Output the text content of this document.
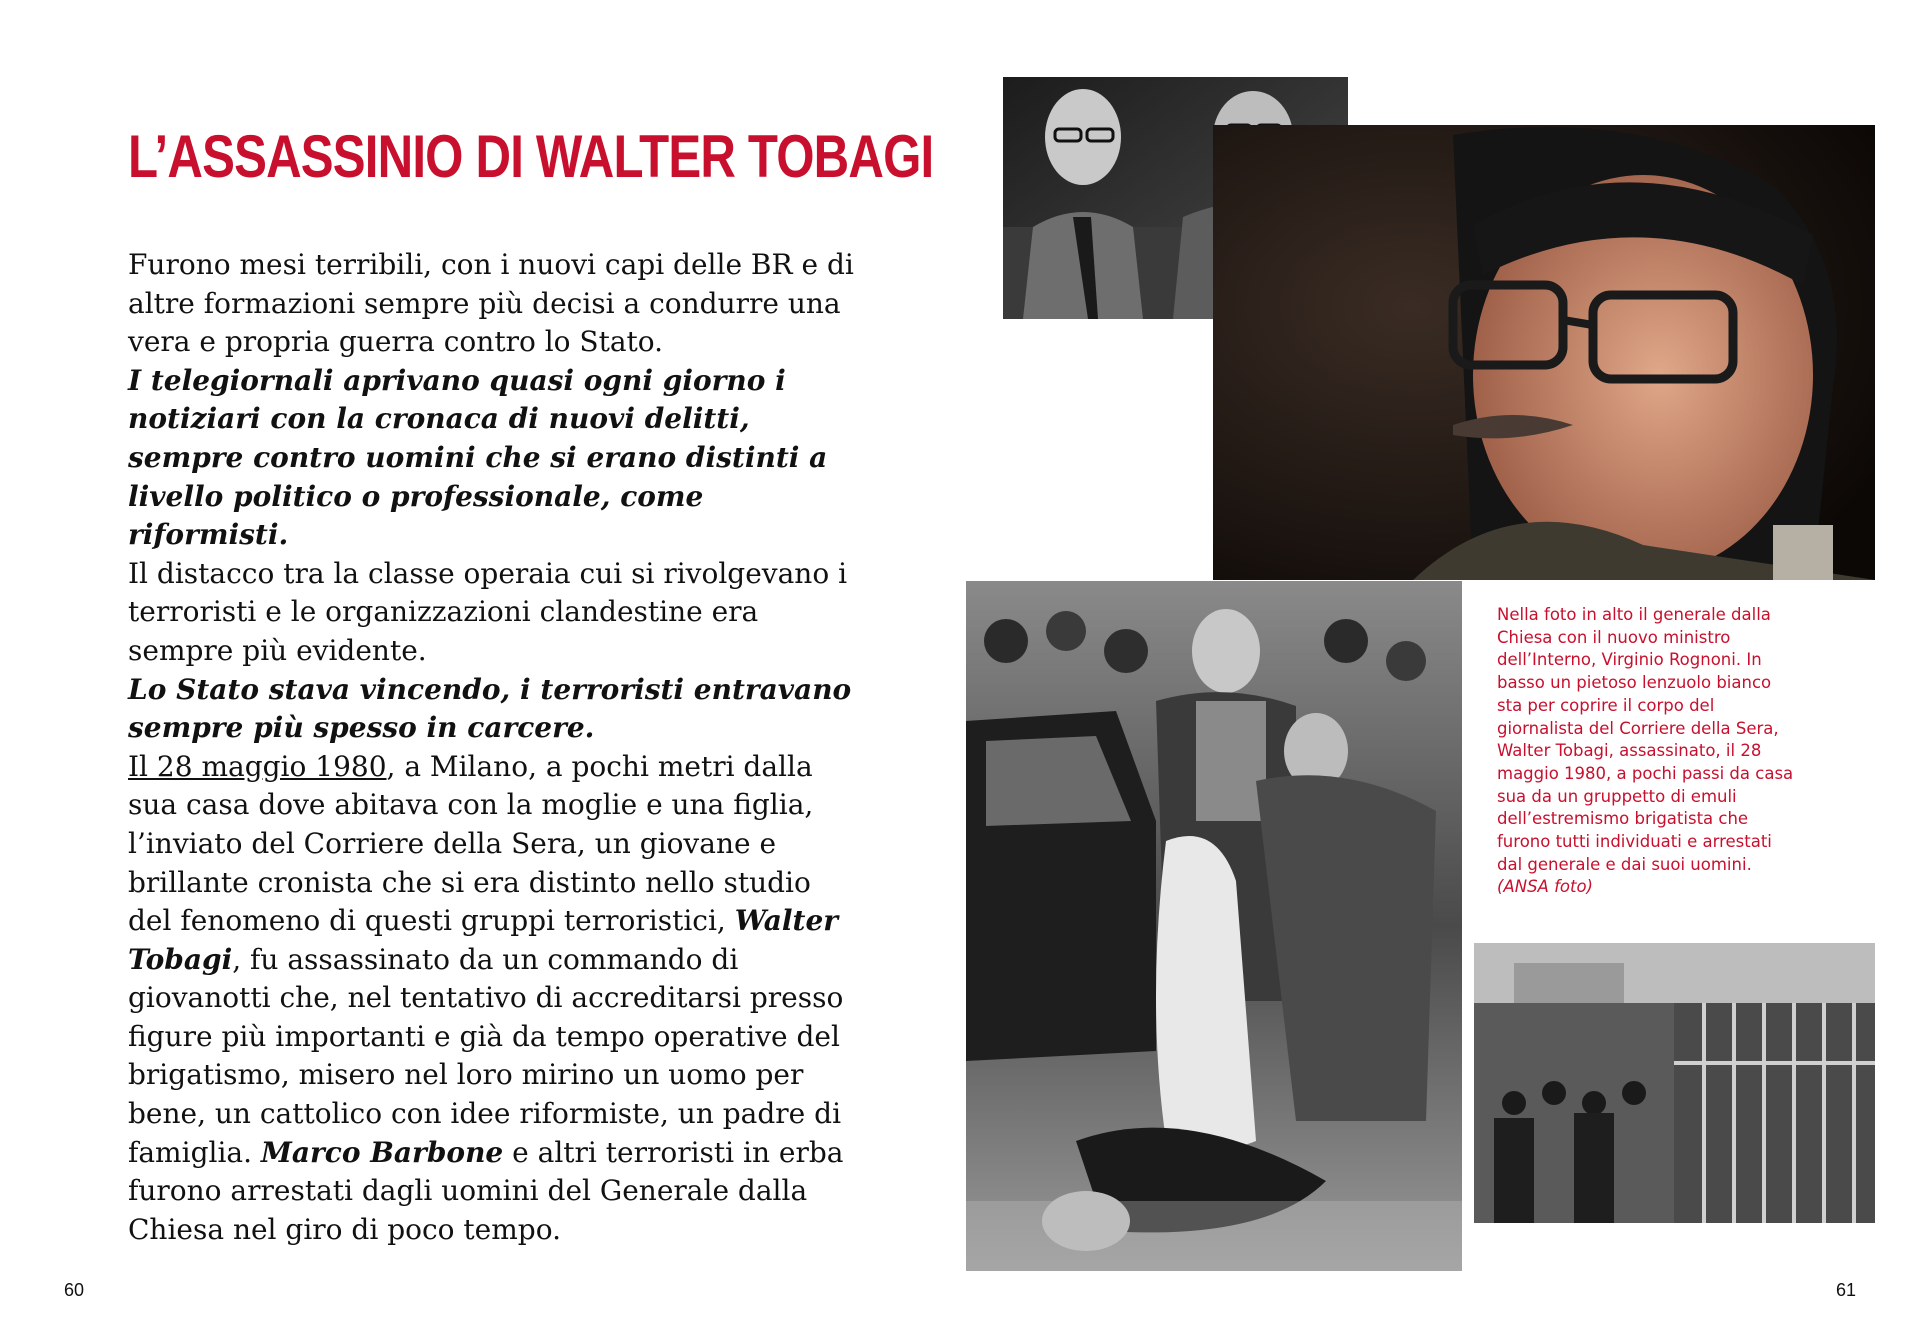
L’ASSASSINIO DI WALTER TOBAGI

Furono mesi terribili, con i nuovi capi delle BR e di altre formazioni sempre più decisi a condurre una vera e propria guerra contro lo Stato.

I telegiornali aprivano quasi ogni giorno i notiziari con la cronaca di nuovi delitti, sempre contro uomini che si erano distinti a livello politico o professionale, come riformisti.

Il distacco tra la classe operaia cui si rivolgevano i terroristi e le organizzazioni clandestine era sempre più evidente.

Lo Stato stava vincendo, i terroristi entravano sempre più spesso in carcere.

Il 28 maggio 1980, a Milano, a pochi metri dalla sua casa dove abitava con la moglie e una figlia, l’inviato del Corriere della Sera, un giovane e brillante cronista che si era distinto nello studio del fenomeno di questi gruppi terroristici, Walter Tobagi, fu assassinato da un commando di giovanotti che, nel tentativo di accreditarsi presso figure più importanti e già da tempo operative del brigatismo, misero nel loro mirino un uomo per bene, un cattolico con idee riformiste, un padre di famiglia. Marco Barbone e altri terroristi in erba furono arrestati dagli uomini del Generale dalla Chiesa nel giro di poco tempo.

Nella foto in alto il generale dalla Chiesa con il nuovo ministro dell’Interno, Virginio Rognoni. In basso un pietoso lenzuolo bianco sta per coprire il corpo del giornalista del Corriere della Sera, Walter Tobagi, assassinato, il 28 maggio 1980, a pochi passi da casa sua da un gruppetto di emuli dell’estremismo brigatista che furono tutti individuati e arrestati dal generale e dai suoi uomini. (ANSA foto)
60	61
